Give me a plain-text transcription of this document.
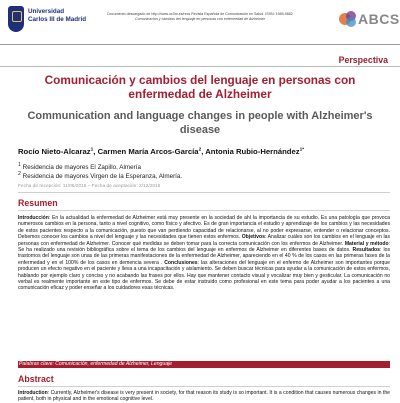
Universidad
Carlos III de Madrid
Documento descargado de http://www.uc3m.es/recs Revista Española de Comunicación en Salud. ISSN: 1989-9882
Comunicación y cambios del lenguaje en personas con enfermedad de Alzheimer	ABCS
Perspectiva
Comunicación y cambios del lenguaje en personas con enfermedad de Alzheimer
Communication and language changes in people with Alzheimer's disease
Rocío Nieto-Alcaraz$^1$, Carmen María Arcos-García$^2$, Antonia Rubio-Hernández$^{1*}$
$^1$ Residencia de mayores El Zapillo, Almería
$^2$ Residencia de mayores Virgen de la Esperanza, Almería.
Fecha de recepción: 11/06/2015 – Fecha de aceptación: 2/12/2015
Resumen
Introducción: En la actualidad la enfermedad de Alzheimer está muy presente en la sociedad de ahí la importancia de su estudio. Es una patología que provoca numerosos cambios en la persona, tanto a nivel cognitivo, como físico y afectivo. Es de gran importancia el estudio y aprendizaje de los cambios y las necesidades de estos pacientes respecto a la comunicación, puesto que van perdiendo capacidad de relacionarse, al no poder expresarse, entender o relacionar conceptos. Debemos conocer los cambios a nivel del lenguaje y las necesidades que tienen estos enfermos. Objetivos: Analizar cuáles son los cambios en el lenguaje en las personas con enfermedad de Alzheimer. Conocer qué medidas se deben tomar para la correcta comunicación con los enfermos de Alzheimer. Material y método: Se ha realizado una revisión bibliográfica sobre el tema de los cambios del lenguaje en enfermos de Alzheimer en diferentes bases de datos. Resultados: los trastornos del lenguaje son unas de las primeras manifestaciones de la enfermedad de Alzheimer, apareciendo en el 40 % de los casos en las primeras fases de la enfermedad y en el 100% de los casos en demencia severa . Conclusiones: las alteraciones del lenguaje en el enfermo de Alzheimer son importantes porque producen un efecto negativo en el paciente y lleva a una incapacitación y aislamiento. Se deben buscar técnicas para ayudar a la comunicación de estos enfermos, hablando por ejemplo claro y conciso y no acabando las frases por ellos. Hay que mantener contacto visual y vocalizar muy bien y gesticular. La comunicación no verbal es realmente importante en este tipo de enfermos. Se debe de estar instruido como profesional en este tema para poder ayudar a los pacientes a una comunicación eficaz y poder enseñar a los cuidadores esas técnicas.
Palabras clave: Comunicación, enfermedad de Alzheimer, Lenguaje
Abstract
Introduction: Currently, Alzheimer's disease is very present in society, for that reason its study is so important. It is a condition that causes numerous changes in the patient, both in physical and in the emotional cognitive level.
